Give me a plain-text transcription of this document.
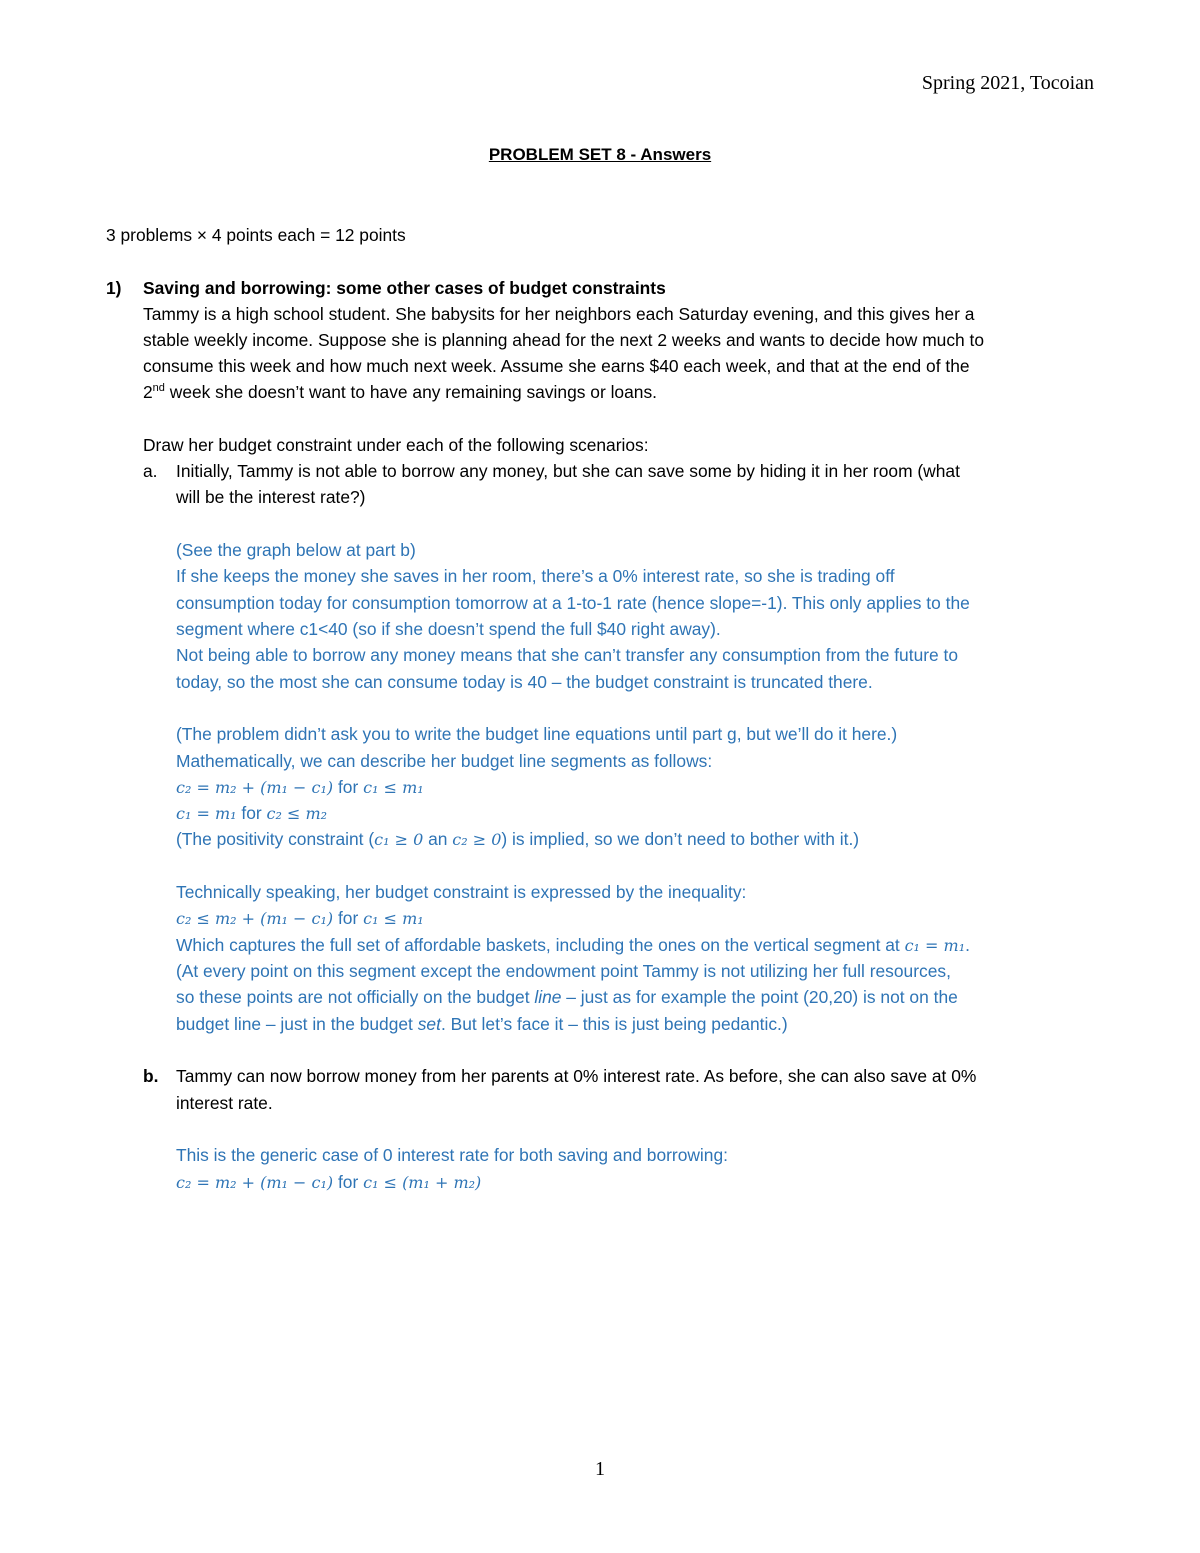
Spring 2021, Tocoian
PROBLEM SET 8 - Answers
3 problems × 4 points each = 12 points
1) Saving and borrowing: some other cases of budget constraints
Tammy is a high school student. She babysits for her neighbors each Saturday evening, and this gives her a
stable weekly income. Suppose she is planning ahead for the next 2 weeks and wants to decide how much to
consume this week and how much next week. Assume she earns $40 each week, and that at the end of the
2nd week she doesn’t want to have any remaining savings or loans.
Draw her budget constraint under each of the following scenarios:
a. Initially, Tammy is not able to borrow any money, but she can save some by hiding it in her room (what
will be the interest rate?)
(See the graph below at part b)
If she keeps the money she saves in her room, there’s a 0% interest rate, so she is trading off
consumption today for consumption tomorrow at a 1-to-1 rate (hence slope=-1). This only applies to the
segment where c1<40 (so if she doesn’t spend the full $40 right away).
Not being able to borrow any money means that she can’t transfer any consumption from the future to
today, so the most she can consume today is 40 – the budget constraint is truncated there.
(The problem didn’t ask you to write the budget line equations until part g, but we’ll do it here.)
Mathematically, we can describe her budget line segments as follows:
c₂ = m₂ + (m₁ − c₁) for c₁ ≤ m₁
c₁ = m₁ for c₂ ≤ m₂
(The positivity constraint (c₁ ≥ 0 an c₂ ≥ 0) is implied, so we don’t need to bother with it.)
Technically speaking, her budget constraint is expressed by the inequality:
c₂ ≤ m₂ + (m₁ − c₁) for c₁ ≤ m₁
Which captures the full set of affordable baskets, including the ones on the vertical segment at c₁ = m₁.
(At every point on this segment except the endowment point Tammy is not utilizing her full resources,
so these points are not officially on the budget line – just as for example the point (20,20) is not on the
budget line – just in the budget set. But let’s face it – this is just being pedantic.)
b. Tammy can now borrow money from her parents at 0% interest rate. As before, she can also save at 0%
interest rate.
This is the generic case of 0 interest rate for both saving and borrowing:
c₂ = m₂ + (m₁ − c₁) for c₁ ≤ (m₁ + m₂)
1
